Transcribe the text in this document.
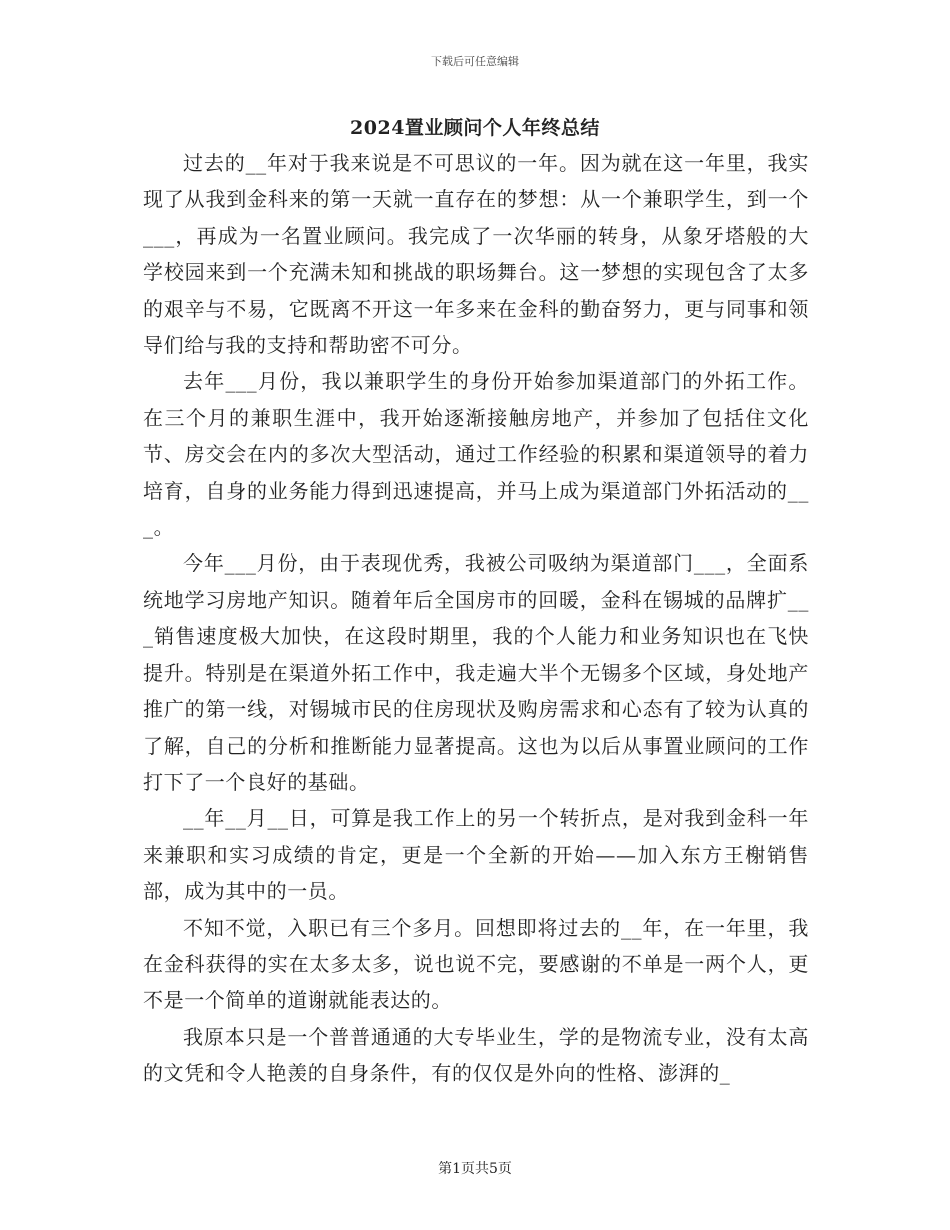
下载后可任意编辑
2024置业顾问个人年终总结

过去的__年对于我来说是不可思议的一年。因为就在这一年里，我实现了从我到金科来的第一天就一直存在的梦想：从一个兼职学生，到一个___，再成为一名置业顾问。我完成了一次华丽的转身，从象牙塔般的大学校园来到一个充满未知和挑战的职场舞台。这一梦想的实现包含了太多的艰辛与不易，它既离不开这一年多来在金科的勤奋努力，更与同事和领导们给与我的支持和帮助密不可分。

去年___月份，我以兼职学生的身份开始参加渠道部门的外拓工作。在三个月的兼职生涯中，我开始逐渐接触房地产，并参加了包括住文化节、房交会在内的多次大型活动，通过工作经验的积累和渠道领导的着力培育，自身的业务能力得到迅速提高，并马上成为渠道部门外拓活动的___。

今年___月份，由于表现优秀，我被公司吸纳为渠道部门___，全面系统地学习房地产知识。随着年后全国房市的回暖，金科在锡城的品牌扩___销售速度极大加快，在这段时期里，我的个人能力和业务知识也在飞快提升。特别是在渠道外拓工作中，我走遍大半个无锡多个区域，身处地产推广的第一线，对锡城市民的住房现状及购房需求和心态有了较为认真的了解，自己的分析和推断能力显著提高。这也为以后从事置业顾问的工作打下了一个良好的基础。

__年__月__日，可算是我工作上的另一个转折点，是对我到金科一年来兼职和实习成绩的肯定，更是一个全新的开始——加入东方王榭销售部，成为其中的一员。

不知不觉，入职已有三个多月。回想即将过去的__年，在一年里，我在金科获得的实在太多太多，说也说不完，要感谢的不单是一两个人，更不是一个简单的道谢就能表达的。

我原本只是一个普普通通的大专毕业生，学的是物流专业，没有太高的文凭和令人艳羡的自身条件，有的仅仅是外向的性格、澎湃的_

第1页共5页
